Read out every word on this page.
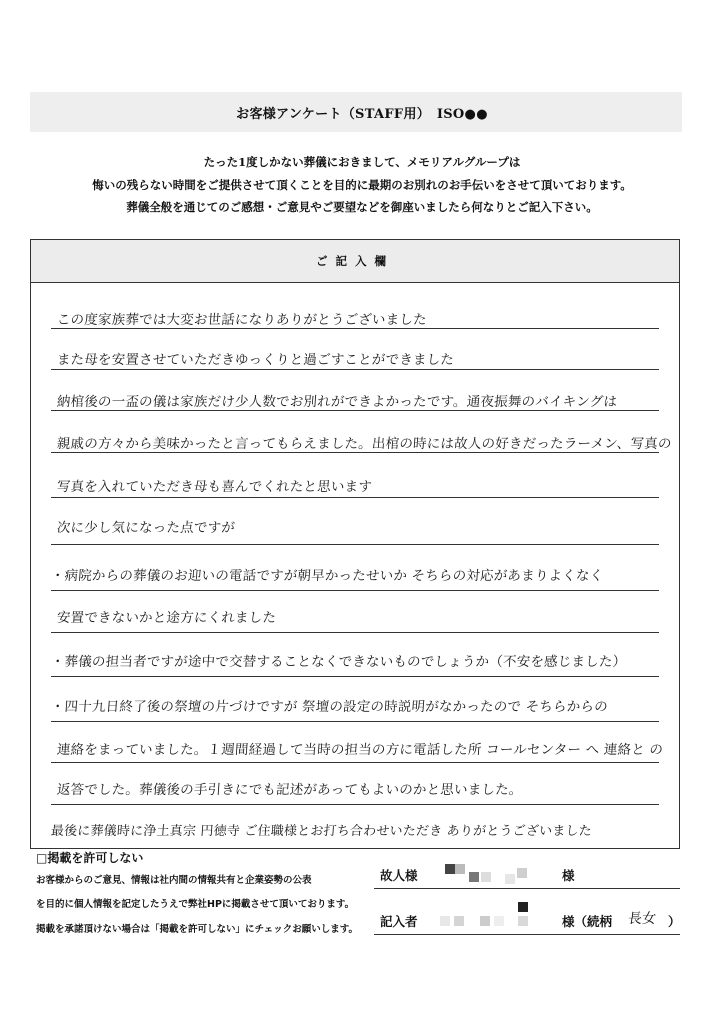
お客様アンケート（STAFF用）　ISO●●
たった1度しかない葬儀におきまして、メモリアルグループは
悔いの残らない時間をご提供させて頂くことを目的に最期のお別れのお手伝いをさせて頂いております。
葬儀全般を通じてのご感想・ご意見やご要望などを御座いましたら何なりとご記入下さい。
ご記入欄
この度家族葬では大変お世話になりありがとうございました
また母を安置させていただきゆっくりと過ごすことができました
納棺後の一盃の儀は家族だけ少人数でお別れができよかったです。通夜振舞のバイキングは
親戚の方々から美味かったと言ってもらえました。出棺の時には故人の好きだったラーメン、写真の
写真を入れていただき母も喜んでくれたと思います
次に少し気になった点ですが
・病院からの葬儀のお迎いの電話ですが朝早かったせいか そちらの対応があまりよくなく
安置できないかと途方にくれました
・葬儀の担当者ですが途中で交替することなくできないものでしょうか（不安を感じました）
・四十九日終了後の祭壇の片づけですが 祭壇の設定の時説明がなかったので そちらからの
連絡をまっていました。１週間経過して当時の担当の方に電話した所 コールセンター へ 連絡と の
返答でした。葬儀後の手引きにでも記述があってもよいのかと思いました。
最後に葬儀時に浄土真宗 円徳寺 ご住職様とお打ち合わせいただき ありがとうございました
□掲載を許可しない
お客様からのご意見、情報は社内間の情報共有と企業姿勢の公表
を目的に個人情報を記定したうえで弊社HPに掲載させて頂いております。
掲載を承諾頂けない場合は「掲載を許可しない」にチェックお願いします。
故人様	様
記入者	様（続柄 長女 ）
